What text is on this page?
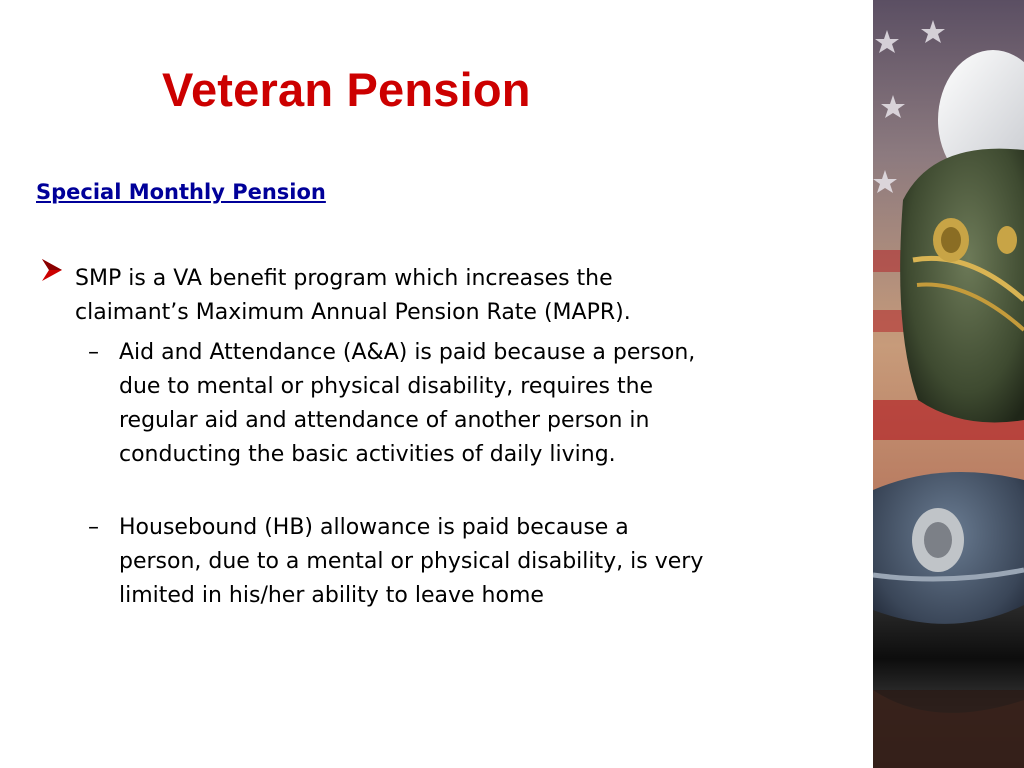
Veteran Pension
Special Monthly Pension

SMP is a VA benefit program which increases the claimant’s Maximum Annual Pension Rate (MAPR).

– Aid and Attendance (A&A) is paid because a person, due to mental or physical disability, requires the regular aid and attendance of another person in conducting the basic activities of daily living.

– Housebound (HB) allowance is paid because a person, due to a mental or physical disability, is very limited in his/her ability to leave home
